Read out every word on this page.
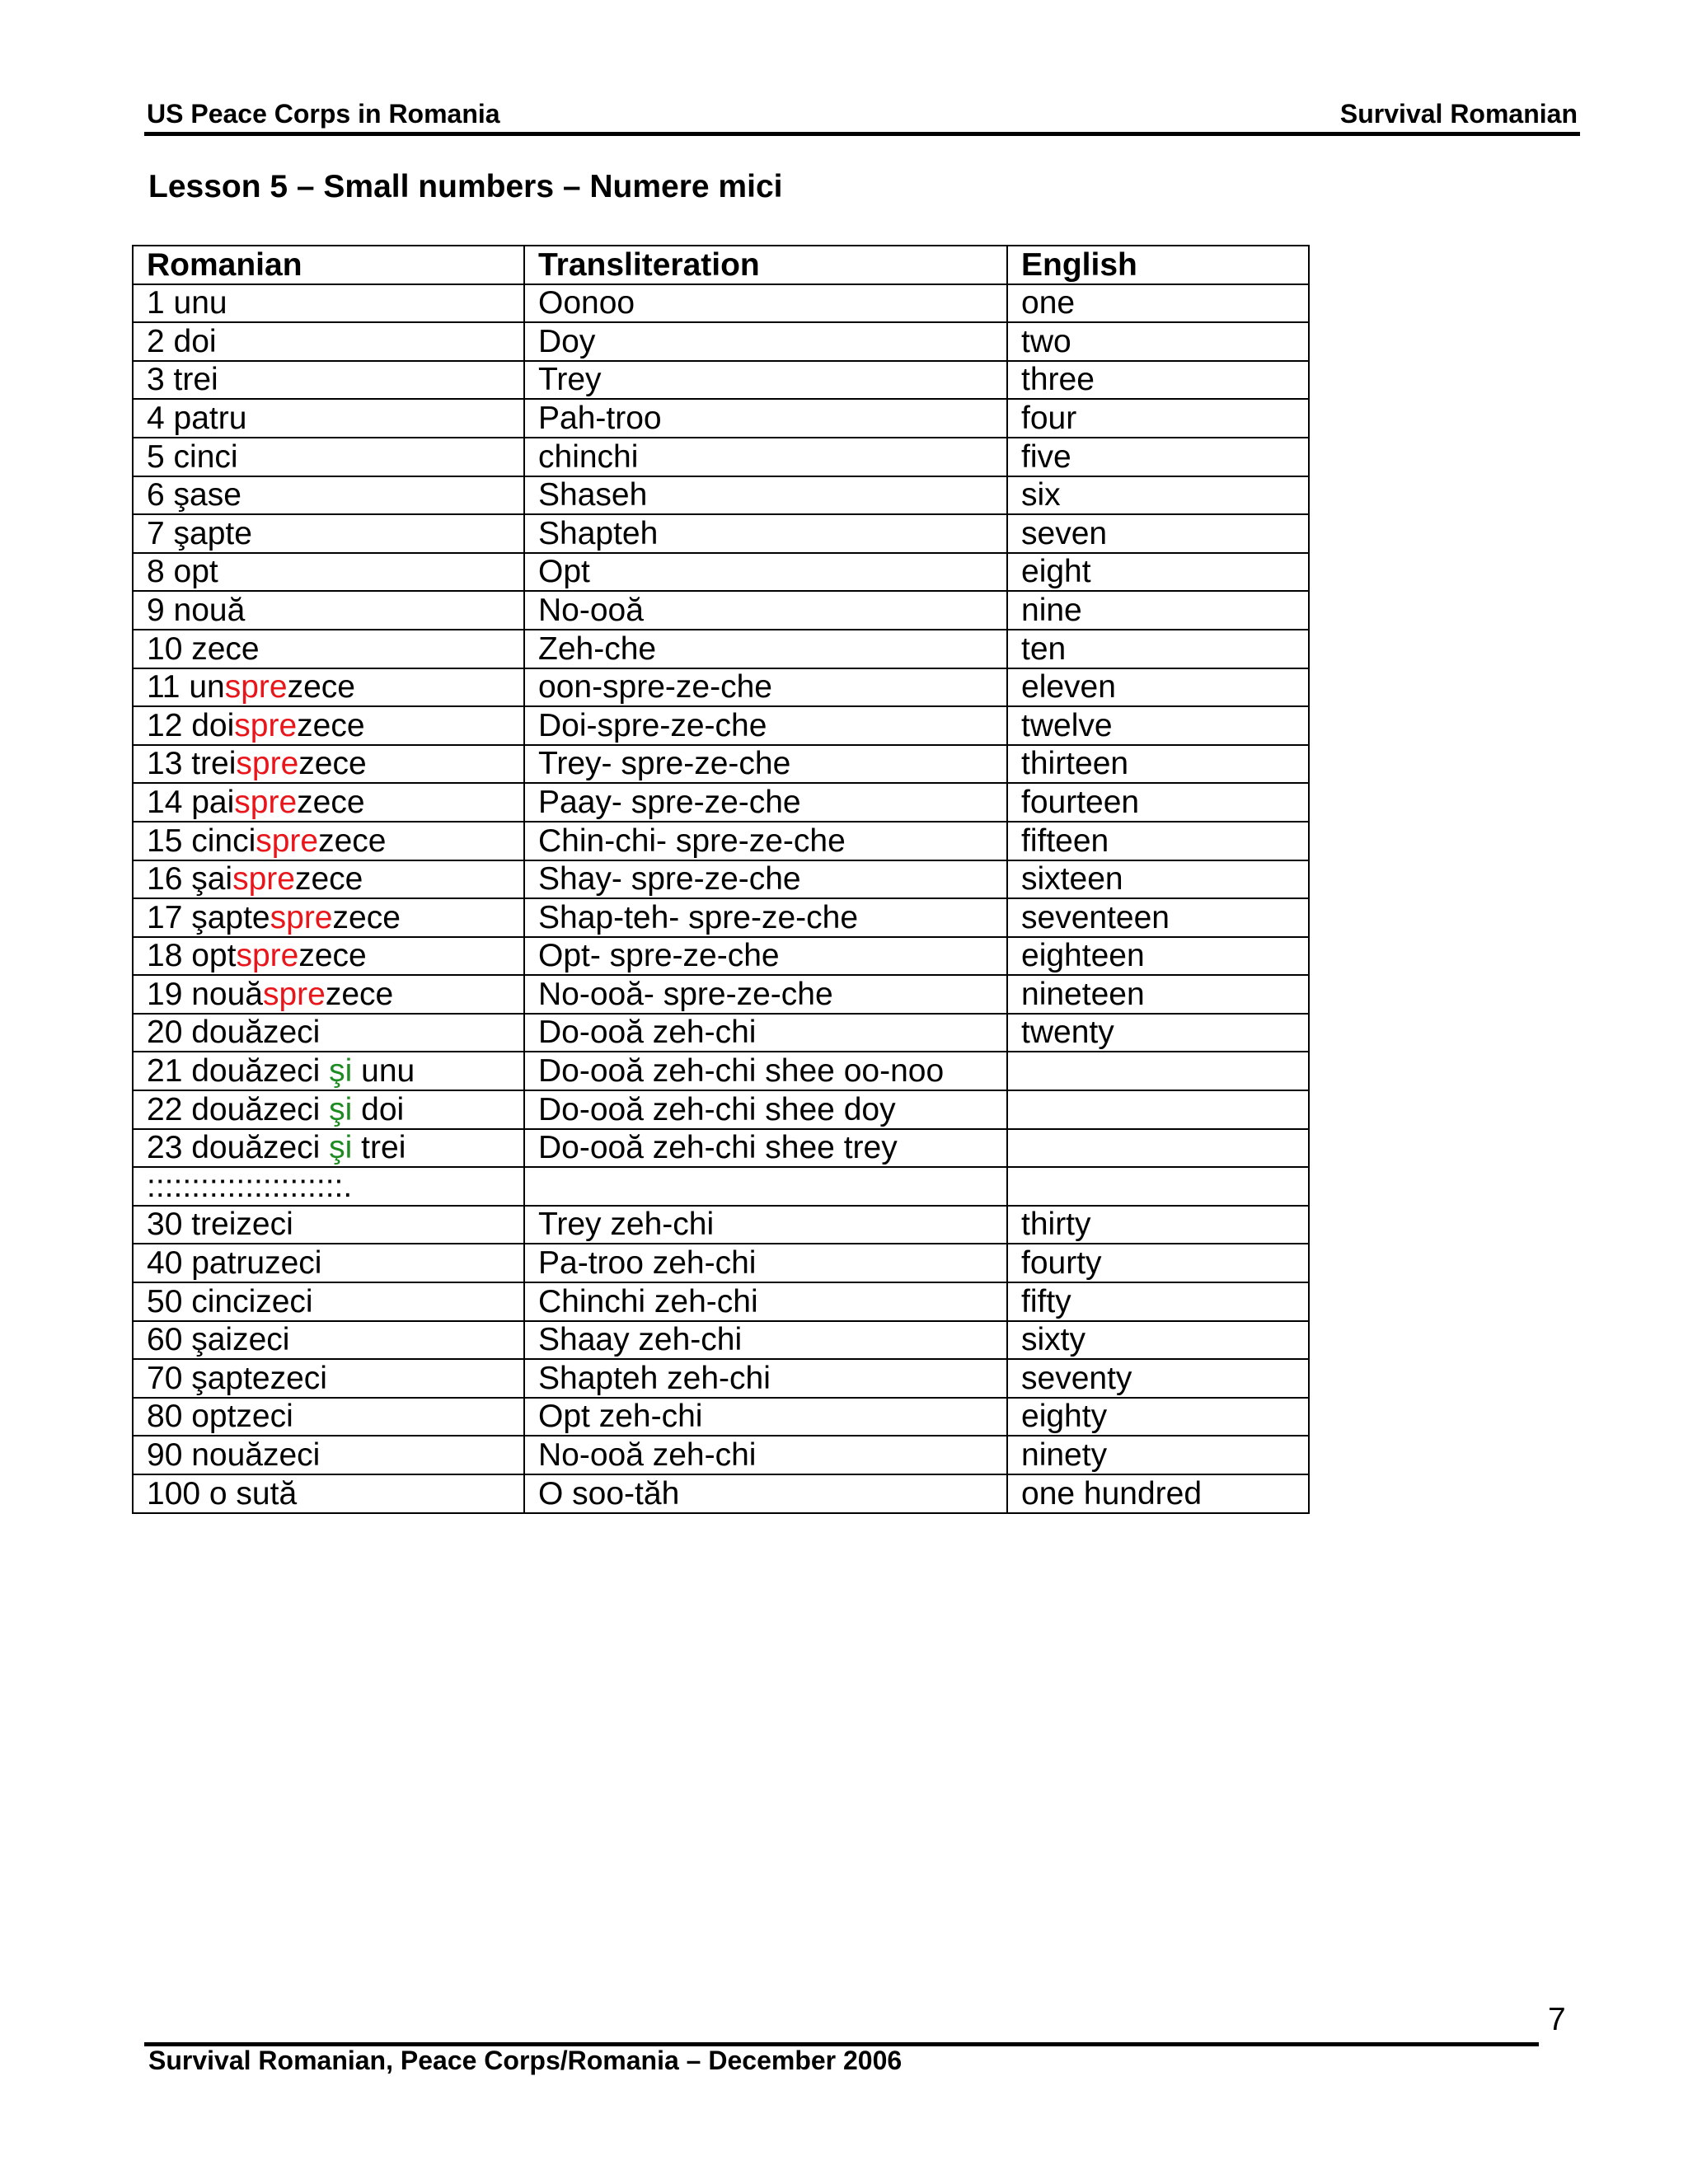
US Peace Corps in Romania	Survival Romanian
Lesson 5 – Small numbers – Numere mici
Romanian	Transliteration	English
1 unu	Oonoo	one
2 doi	Doy	two
3 trei	Trey	three
4 patru	Pah-troo	four
5 cinci	chinchi	five
6 şase	Shaseh	six
7 şapte	Shapteh	seven
8 opt	Opt	eight
9 nouă	No-ooă	nine
10 zece	Zeh-che	ten
11 unsprezece	oon-spre-ze-che	eleven
12 doisprezece	Doi-spre-ze-che	twelve
13 treisprezece	Trey- spre-ze-che	thirteen
14 paisprezece	Paay- spre-ze-che	fourteen
15 cincisprezece	Chin-chi- spre-ze-che	fifteen
16 şaisprezece	Shay- spre-ze-che	sixteen
17 şaptesprezece	Shap-teh- spre-ze-che	seventeen
18 optsprezece	Opt- spre-ze-che	eighteen
19 nouăsprezece	No-ooă- spre-ze-che	nineteen
20 douăzeci	Do-ooă zeh-chi	twenty
21 douăzeci şi unu	Do-ooă zeh-chi shee oo-noo	
22 douăzeci şi doi	Do-ooă zeh-chi shee doy	
23 douăzeci şi trei	Do-ooă zeh-chi shee trey	
::::::::::::::::::::::.		
30 treizeci	Trey zeh-chi	thirty
40 patruzeci	Pa-troo zeh-chi	fourty
50 cincizeci	Chinchi zeh-chi	fifty
60 şaizeci	Shaay zeh-chi	sixty
70 şaptezeci	Shapteh zeh-chi	seventy
80 optzeci	Opt zeh-chi	eighty
90 nouăzeci	No-ooă zeh-chi	ninety
100 o sută	O soo-tăh	one hundred
7
Survival Romanian, Peace Corps/Romania – December 2006
